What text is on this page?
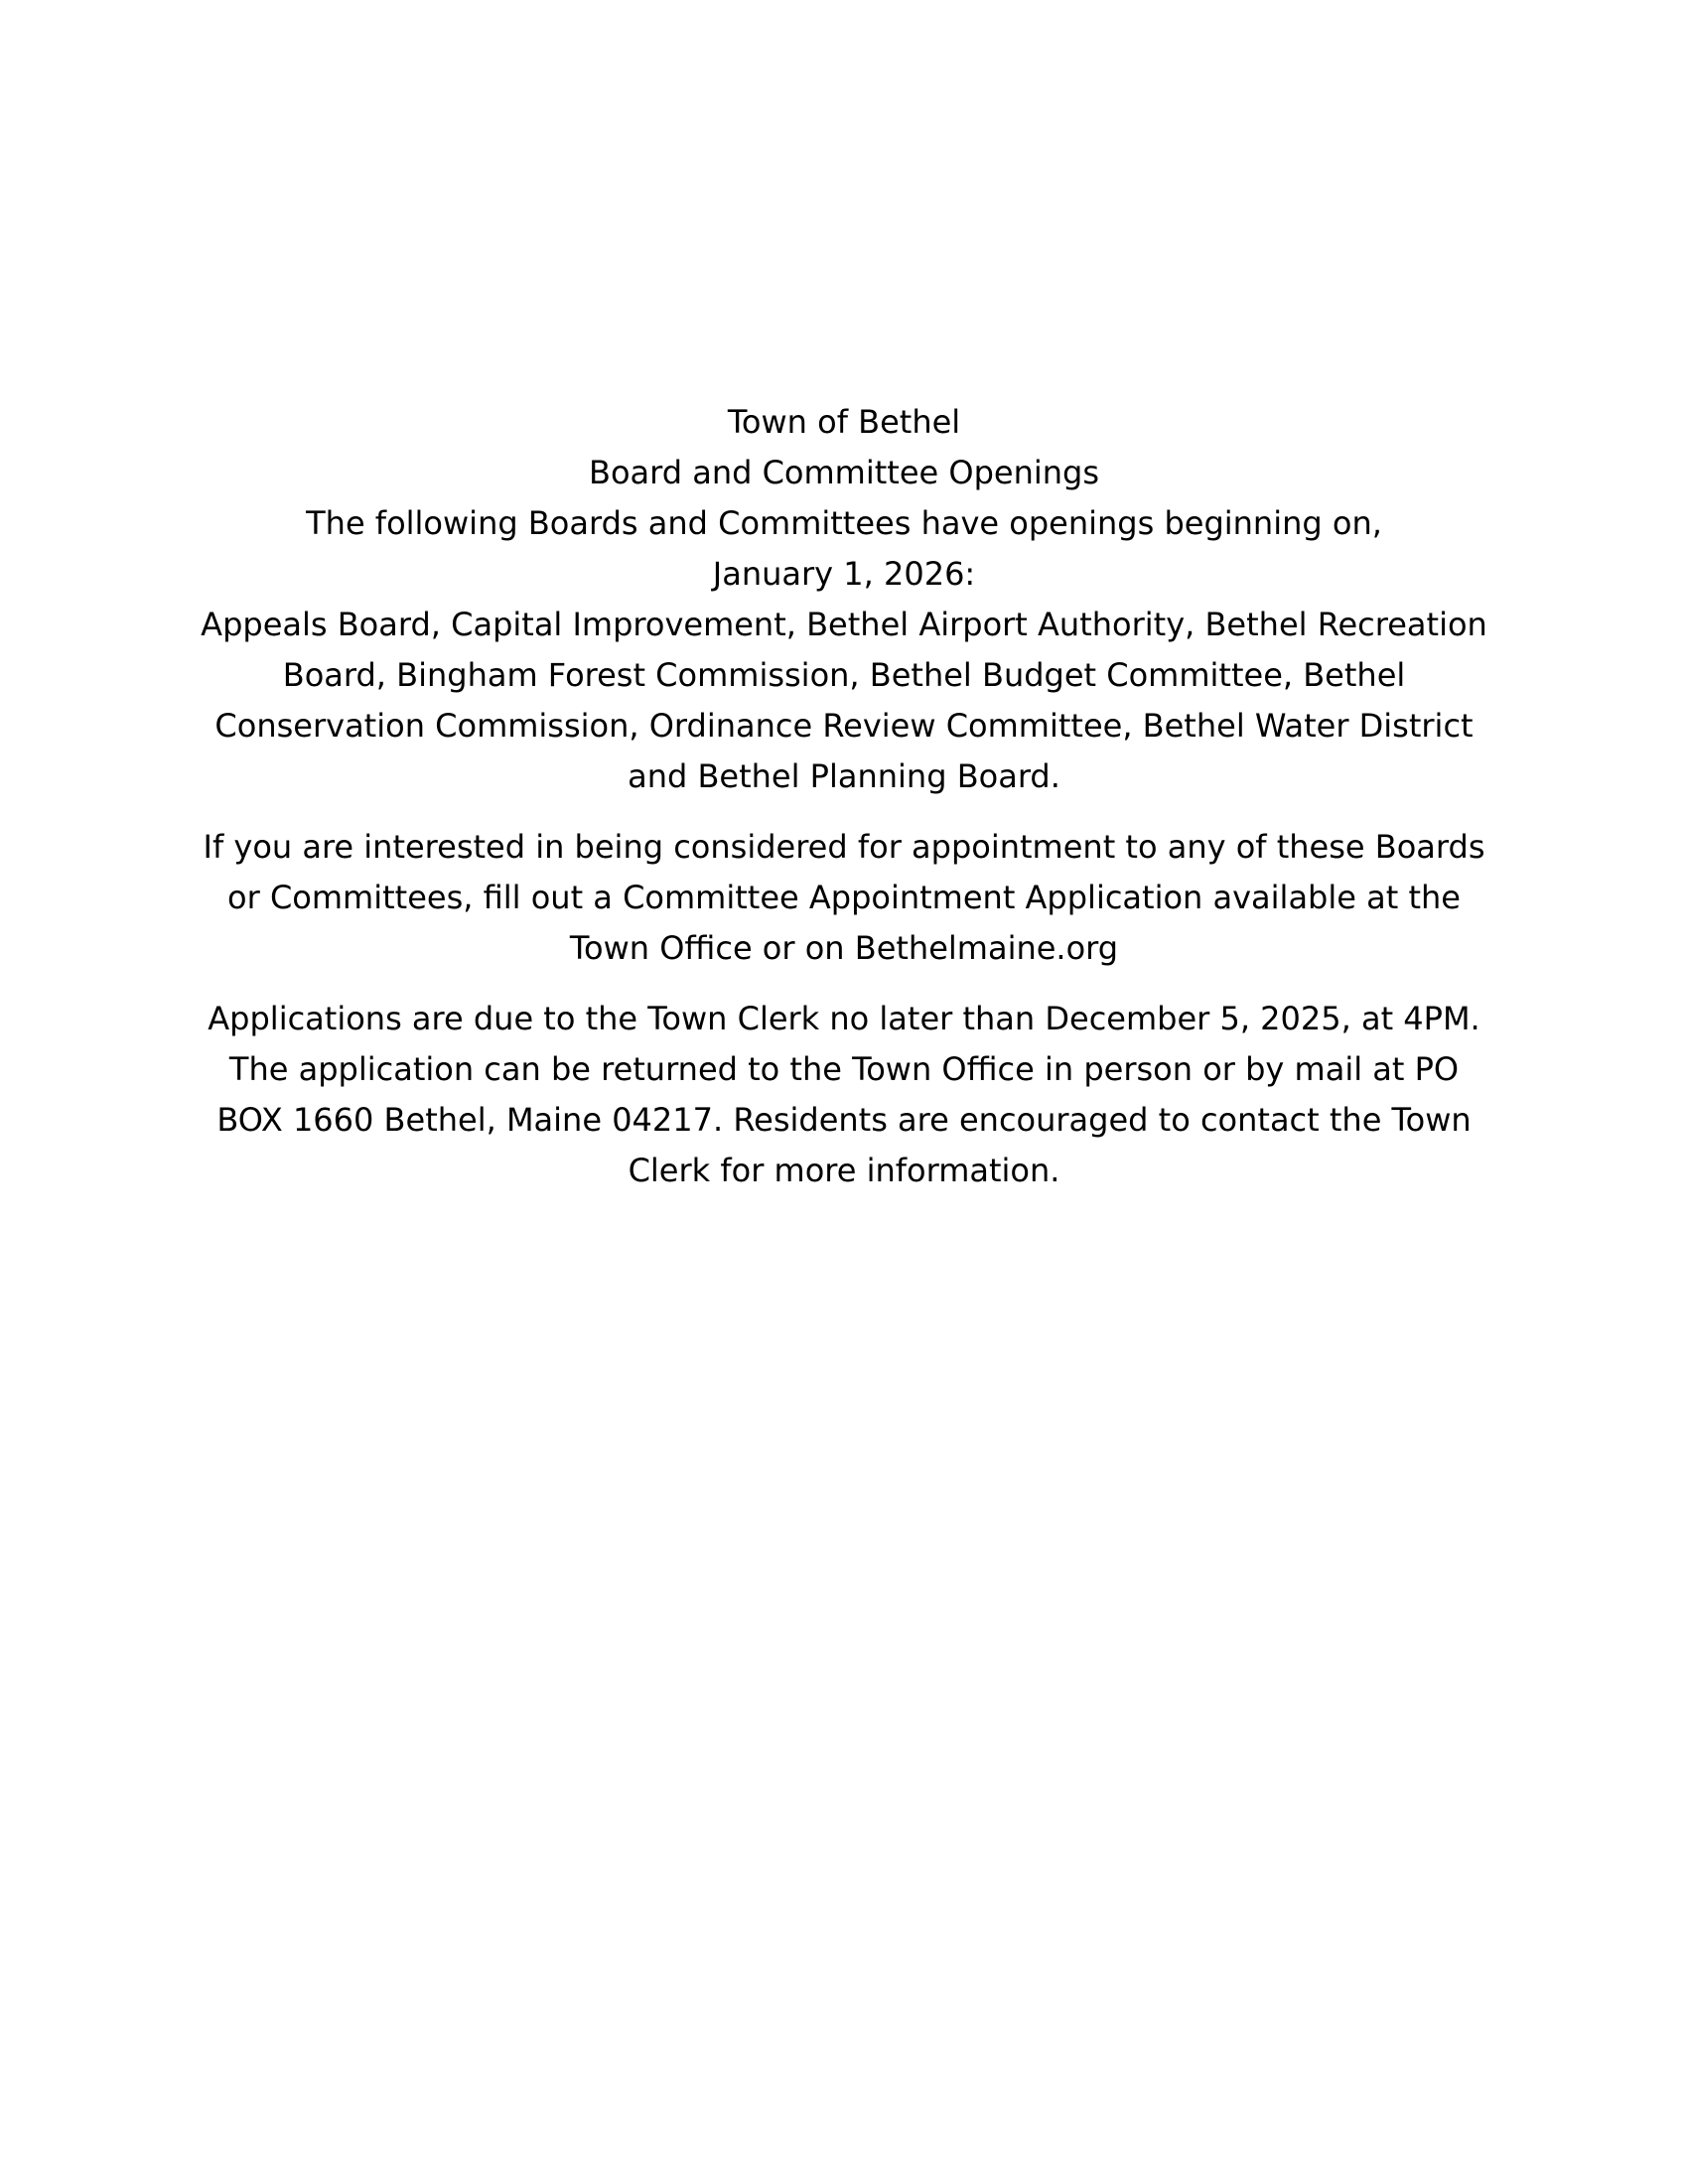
Town of Bethel
Board and Committee Openings
The following Boards and Committees have openings beginning on,
January 1, 2026:
Appeals Board, Capital Improvement, Bethel Airport Authority, Bethel Recreation
Board, Bingham Forest Commission, Bethel Budget Committee, Bethel
Conservation Commission, Ordinance Review Committee, Bethel Water District
and Bethel Planning Board.
If you are interested in being considered for appointment to any of these Boards
or Committees, fill out a Committee Appointment Application available at the
Town Office or on Bethelmaine.org
Applications are due to the Town Clerk no later than December 5, 2025, at 4PM.
The application can be returned to the Town Office in person or by mail at PO
BOX 1660 Bethel, Maine 04217. Residents are encouraged to contact the Town
Clerk for more information.
